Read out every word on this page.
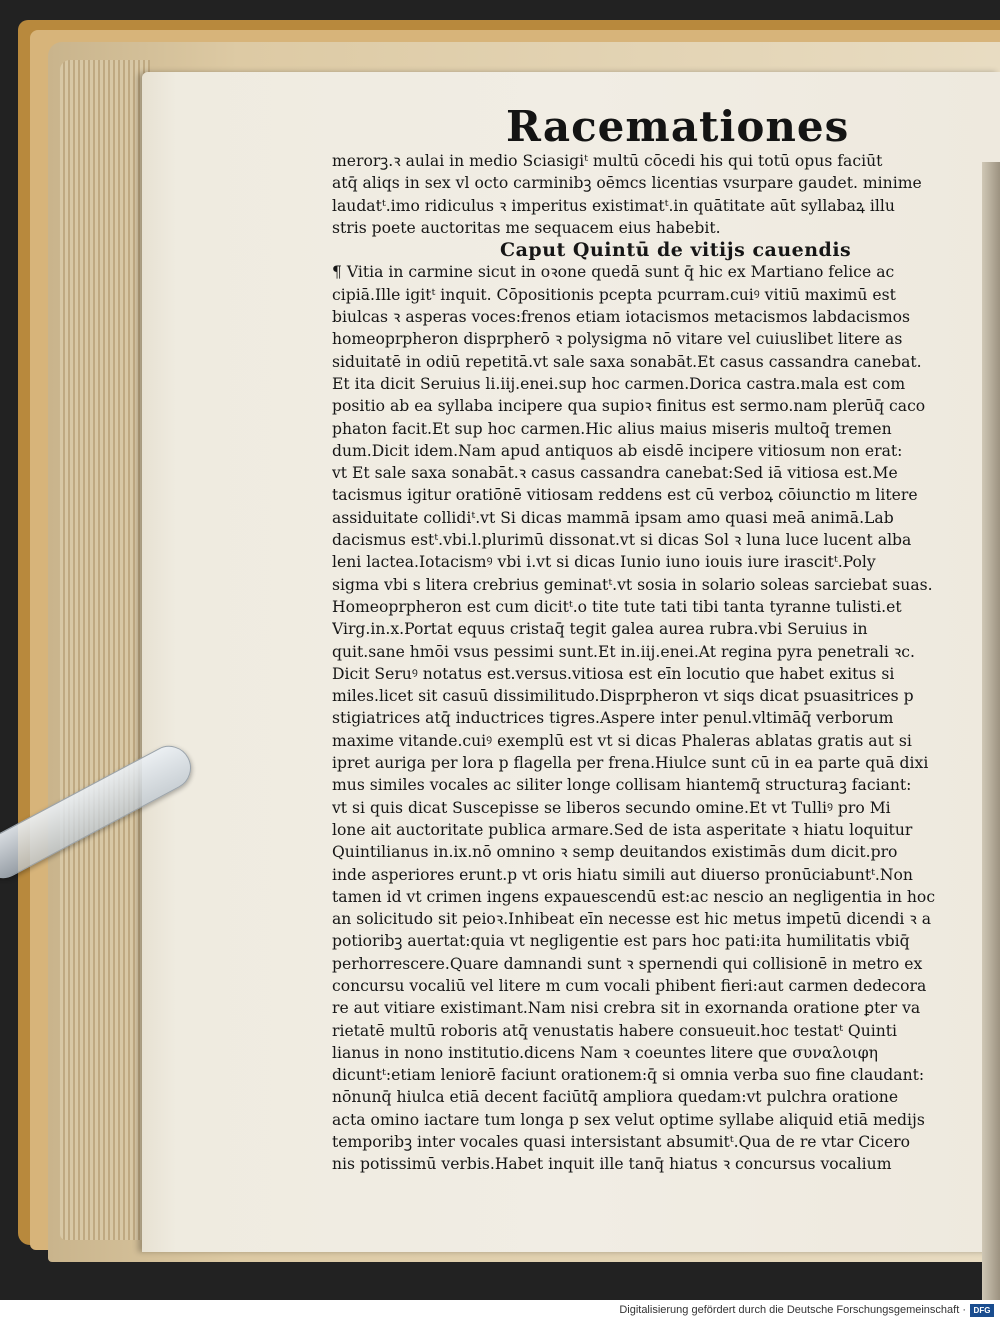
Racemationes
merorꝫ.ꝛ aulai in medio Sciasigiᵗ multū cōcedi his qui totū opus faciūt
atq̄ aliqs in sex vl octo carminibꝫ oēmcs licentias vsurpare gaudet. minime
laudatᵗ.imo ridiculus ꝛ imperitus existimatᵗ.in quātitate aūt syllabaꝝ illu
stris poete auctoritas me sequacem eius habebit.
Caput Quintū de vitijs cauendis
¶ Vitia in carmine sicut in oꝛone quedā sunt q̄ hic ex Martiano felice ac
cipiā.Ille igitᵗ inquit. Cōpositionis pcepta pcurram.cuiꝰ vitiū maximū est
biulcas ꝛ asperas voces:frenos etiam iotacismos metacismos labdacismos
homeoprpheron disprpherō ꝛ polysigma nō vitare vel cuiuslibet litere as
siduitatē in odiū repetitā.vt sale saxa sonabāt.Et casus cassandra canebat.
Et ita dicit Seruius li.iij.enei.sup hoc carmen.Dorica castra.mala est com
positio ab ea syllaba incipere qua supioꝛ finitus est sermo.nam plerūq̄ caco
phaton facit.Et sup hoc carmen.Hic alius maius miseris multoq̄ tremen
dum.Dicit idem.Nam apud antiquos ab eisdē incipere vitiosum non erat:
vt Et sale saxa sonabāt.ꝛ casus cassandra canebat:Sed iā vitiosa est.Me
tacismus igitur oratiōnē vitiosam reddens est cū verboꝝ cōiunctio m litere
assiduitate collidiᵗ.vt Si dicas mammā ipsam amo quasi meā animā.Lab
dacismus estᵗ.vbi.l.plurimū dissonat.vt si dicas Sol ꝛ luna luce lucent alba
leni lactea.Iotacismꝰ vbi i.vt si dicas Iunio iuno iouis iure irascitᵗ.Poly
sigma vbi s litera crebrius geminatᵗ.vt sosia in solario soleas sarciebat suas.
Homeoprpheron est cum dicitᵗ.o tite tute tati tibi tanta tyranne tulisti.et
Virg.in.x.Portat equus cristaq̄ tegit galea aurea rubra.vbi Seruius in
quit.sane hmōi vsus pessimi sunt.Et in.iij.enei.At regina pyra penetrali ꝛc.
Dicit Seruꝰ notatus est.versus.vitiosa est eīn locutio que habet exitus si
miles.licet sit casuū dissimilitudo.Disprpheron vt siqs dicat psuasitrices p
stigiatrices atq̄ inductrices tigres.Aspere inter penul.vltimāq̄ verborum
maxime vitande.cuiꝰ exemplū est vt si dicas Phaleras ablatas gratis aut si
ipret auriga per lora p flagella per frena.Hiulce sunt cū in ea parte quā dixi
mus similes vocales ac siliter longe collisam hiantemq̄ structuraꝫ faciant:
vt si quis dicat Suscepisse se liberos secundo omine.Et vt Tulliꝰ pro Mi
lone ait auctoritate publica armare.Sed de ista asperitate ꝛ hiatu loquitur
Quintilianus in.ix.nō omnino ꝛ semp deuitandos existimās dum dicit.pro
inde asperiores erunt.p vt oris hiatu simili aut diuerso pronūciabuntᵗ.Non
tamen id vt crimen ingens expauescendū est:ac nescio an negligentia in hoc
an solicitudo sit peioꝛ.Inhibeat eīn necesse est hic metus impetū dicendi ꝛ a
potioribꝫ auertat:quia vt negligentie est pars hoc pati:ita humilitatis vbiq̄
perhorrescere.Quare damnandi sunt ꝛ spernendi qui collisionē in metro ex
concursu vocaliū vel litere m cum vocali phibent fieri:aut carmen dedecora
re aut vitiare existimant.Nam nisi crebra sit in exornanda oratione ꝑter va
rietatē multū roboris atq̄ venustatis habere consueuit.hoc testatᵗ Quinti
lianus in nono institutio.dicens Nam ꝛ coeuntes litere que συναλοιφη
dicuntᵗ:etiam leniorē faciunt orationem:q̄ si omnia verba suo fine claudant:
nōnunq̄ hiulca etiā decent faciūtq̄ ampliora quedam:vt pulchra oratione
acta omino iactare tum longa p sex velut optime syllabe aliquid etiā medijs
temporibꝫ inter vocales quasi intersistant absumitᵗ.Qua de re vtar Cicero
nis potissimū verbis.Habet inquit ille tanq̄ hiatus ꝛ concursus vocalium
Digitalisierung gefördert durch die Deutsche Forschungsgemeinschaft · DFG
